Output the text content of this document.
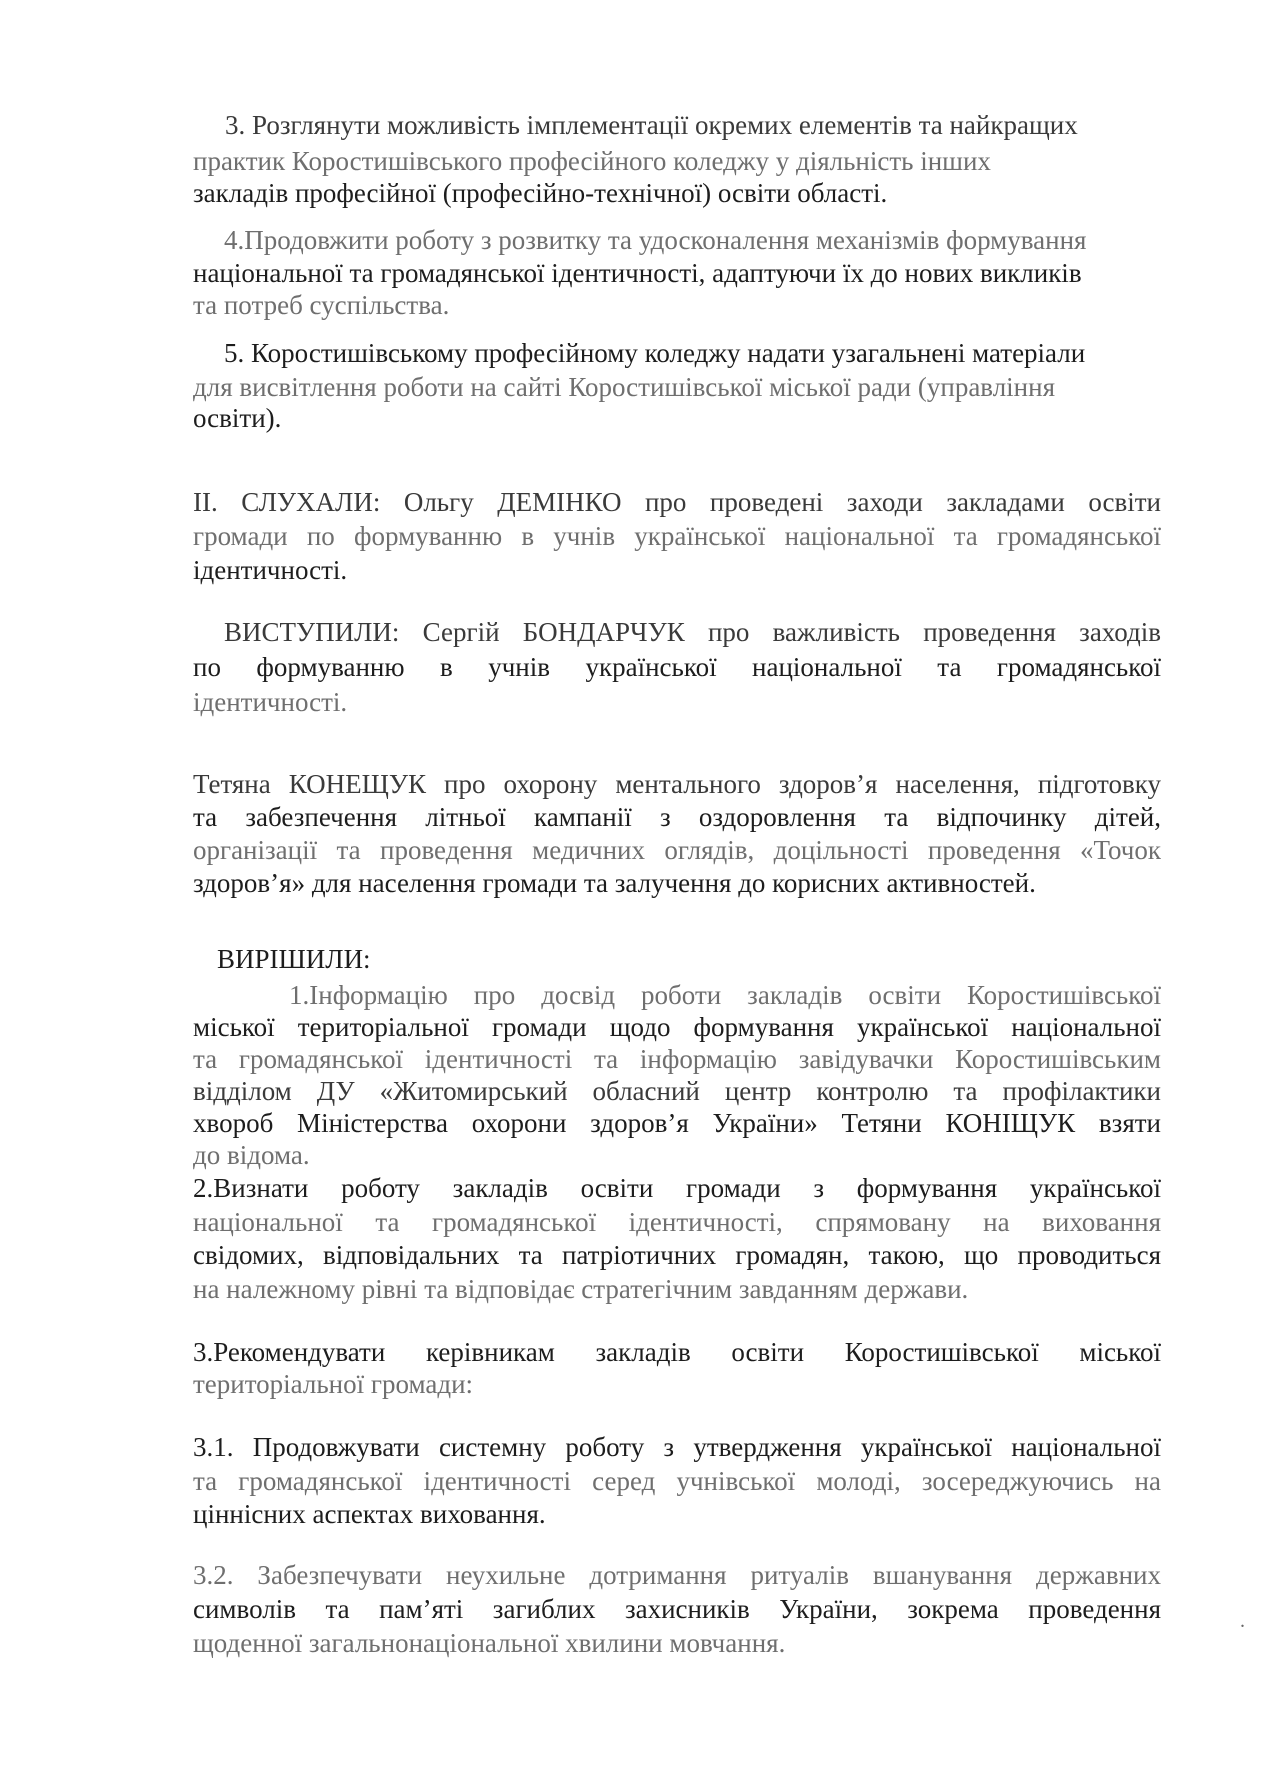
3. Розглянути можливість імплементації окремих елементів та найкращих
практик Коростишівського професійного коледжу у діяльність інших
закладів професійної (професійно-технічної) освіти області.
4.Продовжити роботу з розвитку та удосконалення механізмів формування
національної та громадянської ідентичності, адаптуючи їх до нових викликів
та потреб суспільства.
5. Коростишівському професійному коледжу надати узагальнені матеріали
для висвітлення роботи на сайті Коростишівської міської ради (управління
освіти).
II. СЛУХАЛИ: Ольгу ДЕМІНКО про проведені заходи закладами освіти
громади по формуванню в учнів української національної та громадянської
ідентичності.
ВИСТУПИЛИ: Сергій БОНДАРЧУК про важливість проведення заходів
по формуванню в учнів української національної та громадянської
ідентичності.
Тетяна КОНЕЩУК про охорону ментального здоров’я населення, підготовку
та забезпечення літньої кампанії з оздоровлення та відпочинку дітей,
організації та проведення медичних оглядів, доцільності проведення «Точок
здоров’я» для населення громади та залучення до корисних активностей.
ВИРІШИЛИ:
1.Інформацію про досвід роботи закладів освіти Коростишівської
міської територіальної громади щодо формування української національної
та громадянської ідентичності та інформацію завідувачки Коростишівським
відділом ДУ «Житомирський обласний центр контролю та профілактики
хвороб Міністерства охорони здоров’я України» Тетяни КОНІЩУК взяти
до відома.
2.Визнати роботу закладів освіти громади з формування української
національної та громадянської ідентичності, спрямовану на виховання
свідомих, відповідальних та патріотичних громадян, такою, що проводиться
на належному рівні та відповідає стратегічним завданням держави.
3.Рекомендувати керівникам закладів освіти Коростишівської міської
територіальної громади:
3.1. Продовжувати системну роботу з утвердження української національної
та громадянської ідентичності серед учнівської молоді, зосереджуючись на
ціннісних аспектах виховання.
3.2. Забезпечувати неухильне дотримання ритуалів вшанування державних
символів та пам’яті загиблих захисників України, зокрема проведення
щоденної загальнонаціональної хвилини мовчання.
.
